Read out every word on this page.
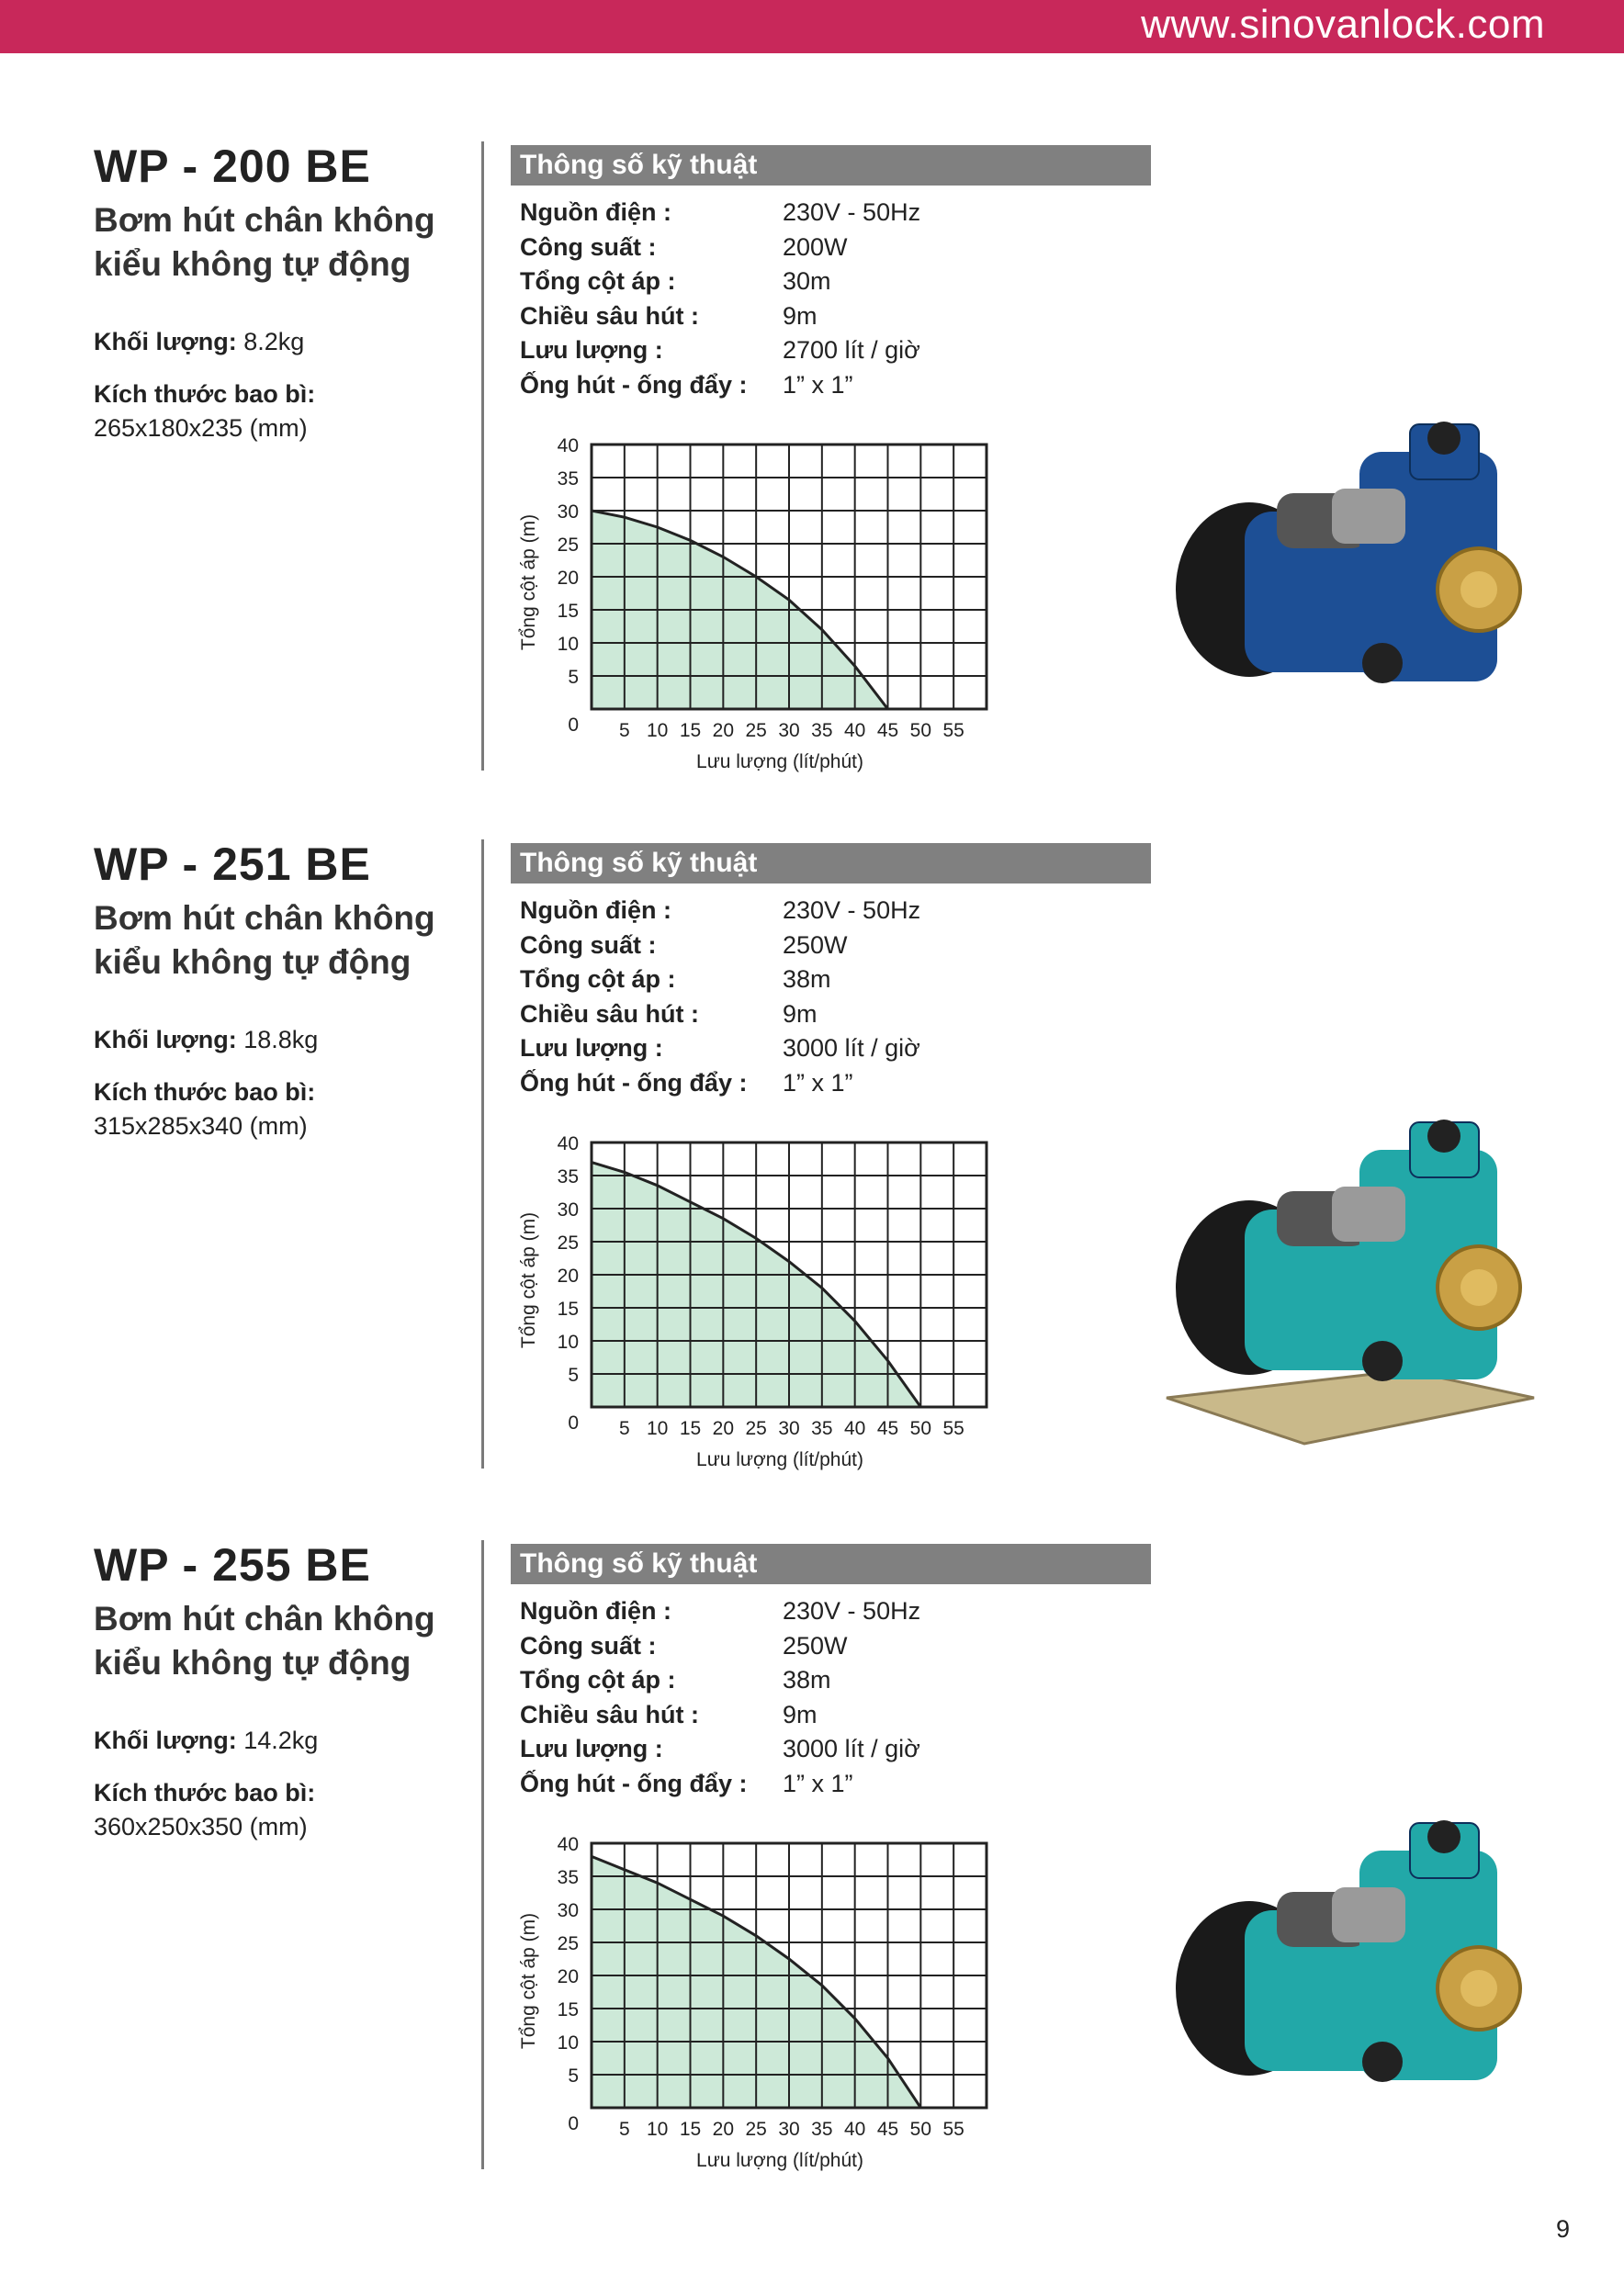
www.sinovanlock.com
WP - 200 BE
Bơm hút chân không
kiểu không tự động
Khối lượng: 8.2kg
Kích thước bao bì:
265x180x235 (mm)
Thông số kỹ thuật
Nguồn điện :	230V - 50Hz
Công suất :	200W
Tổng cột áp :	30m
Chiều sâu hút :	9m
Lưu lượng :	2700 lít / giờ
Ống hút - ống đẩy : 1” x 1”
0
5
10
15
20
25
30
35
40
5 10 15 20 25 30 35 40 45 50 55
Lưu lượng (lít/phút)
Tổng cột áp (m)
WP - 251 BE
Bơm hút chân không
kiểu không tự động
Khối lượng: 18.8kg
Kích thước bao bì:
315x285x340 (mm)
Thông số kỹ thuật
Nguồn điện :	230V - 50Hz
Công suất :	250W
Tổng cột áp :	38m
Chiều sâu hút :	9m
Lưu lượng :	3000 lít / giờ
Ống hút - ống đẩy : 1” x 1”
0
5
10
15
20
25
30
35
40
5 10 15 20 25 30 35 40 45 50 55
Lưu lượng (lít/phút)
Tổng cột áp (m)
WP - 255 BE
Bơm hút chân không
kiểu không tự động
Khối lượng: 14.2kg
Kích thước bao bì:
360x250x350 (mm)
Thông số kỹ thuật
Nguồn điện :	230V - 50Hz
Công suất :	250W
Tổng cột áp :	38m
Chiều sâu hút :	9m
Lưu lượng :	3000 lít / giờ
Ống hút - ống đẩy : 1” x 1”
0
5
10
15
20
25
30
35
40
5 10 15 20 25 30 35 40 45 50 55
Lưu lượng (lít/phút)
Tổng cột áp (m)
9
